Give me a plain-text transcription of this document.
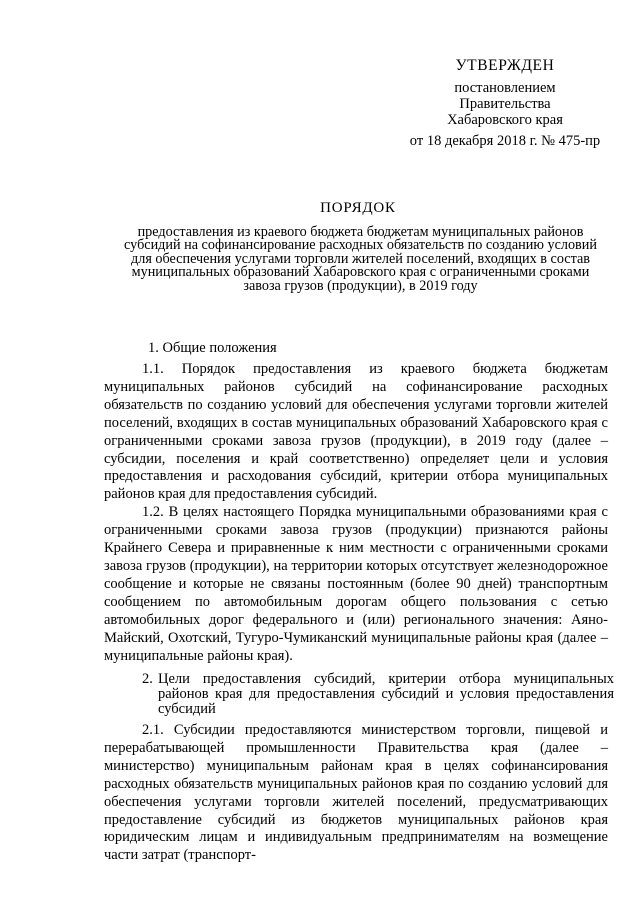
УТВЕРЖДЕН
постановлением
Правительства
Хабаровского края
от 18 декабря 2018 г. № 475-пр
ПОРЯДОК
предоставления из краевого бюджета бюджетам муниципальных районов субсидий на софинансирование расходных обязательств по созданию условий для обеспечения услугами торговли жителей поселений, входящих в состав муниципальных образований Хабаровского края с ограниченными сроками завоза грузов (продукции), в 2019 году
1. Общие положения

1.1. Порядок предоставления из краевого бюджета бюджетам муниципальных районов субсидий на софинансирование расходных обязательств по созданию условий для обеспечения услугами торговли жителей поселений, входящих в состав муниципальных образований Хабаровского края с ограниченными сроками завоза грузов (продукции), в 2019 году (далее – субсидии, поселения и край соответственно) определяет цели и условия предоставления и расходования субсидий, критерии отбора муниципальных районов края для предоставления субсидий.

1.2. В целях настоящего Порядка муниципальными образованиями края с ограниченными сроками завоза грузов (продукции) признаются районы Крайнего Севера и приравненные к ним местности с ограниченными сроками завоза грузов (продукции), на территории которых отсутствует железнодорожное сообщение и которые не связаны постоянным (более 90 дней) транспортным сообщением по автомобильным дорогам общего пользования с сетью автомобильных дорог федерального и (или) регионального значения: Аяно-Майский, Охотский, Тугуро-Чумиканский муниципальные районы края (далее – муниципальные районы края).

2. Цели предоставления субсидий, критерии отбора муниципальных районов края для предоставления субсидий и условия предоставления субсидий

2.1. Субсидии предоставляются министерством торговли, пищевой и перерабатывающей промышленности Правительства края (далее – министерство) муниципальным районам края в целях софинансирования расходных обязательств муниципальных районов края по созданию условий для обеспечения услугами торговли жителей поселений, предусматривающих предоставление субсидий из бюджетов муниципальных районов края юридическим лицам и индивидуальным предпринимателям на возмещение части затрат (транспорт-
